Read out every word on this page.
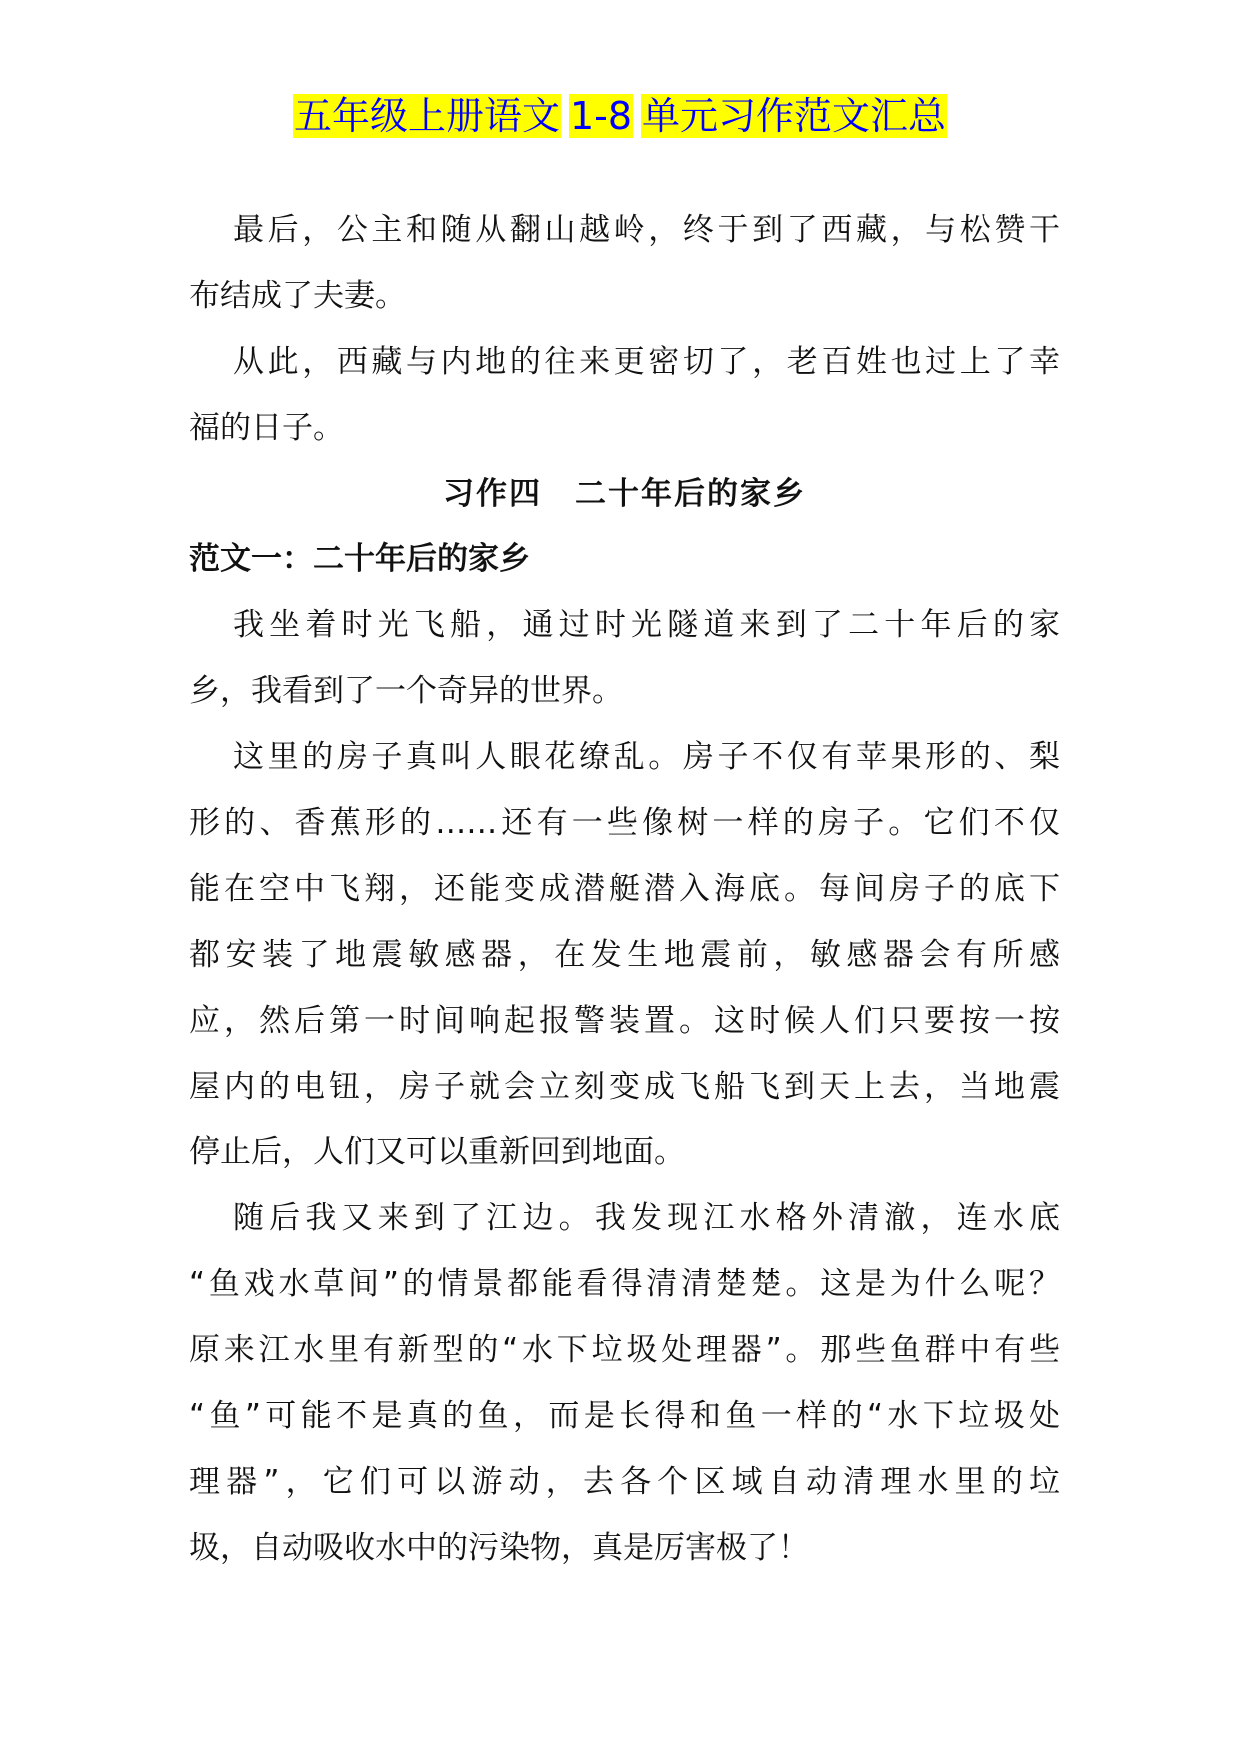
五年级上册语文 1-8 单元习作范文汇总
最后，公主和随从翻山越岭，终于到了西藏，与松赞干
布结成了夫妻。
从此，西藏与内地的往来更密切了，老百姓也过上了幸
福的日子。
习作四　二十年后的家乡
范文一：二十年后的家乡
我坐着时光飞船，通过时光隧道来到了二十年后的家
乡，我看到了一个奇异的世界。
这里的房子真叫人眼花缭乱。房子不仅有苹果形的、梨
形的、香蕉形的……还有一些像树一样的房子。它们不仅
能在空中飞翔，还能变成潜艇潜入海底。每间房子的底下
都安装了地震敏感器，在发生地震前，敏感器会有所感
应，然后第一时间响起报警装置。这时候人们只要按一按
屋内的电钮，房子就会立刻变成飞船飞到天上去，当地震
停止后，人们又可以重新回到地面。
随后我又来到了江边。我发现江水格外清澈，连水底
“鱼戏水草间”的情景都能看得清清楚楚。这是为什么呢？
原来江水里有新型的“水下垃圾处理器”。那些鱼群中有些
“鱼”可能不是真的鱼，而是长得和鱼一样的“水下垃圾处
理器”，它们可以游动，去各个区域自动清理水里的垃
圾，自动吸收水中的污染物，真是厉害极了！
